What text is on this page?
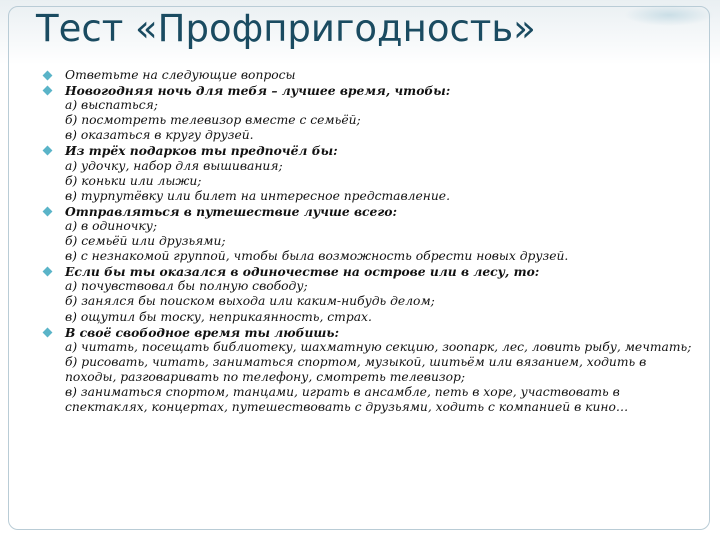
Тест «Профпригодность»
Ответьте на следующие вопросы
Новогодняя ночь для тебя – лучшее время, чтобы:
а) выспаться;
б) посмотреть телевизор вместе с семьёй;
в) оказаться в кругу друзей.
Из трёх подарков ты предпочёл бы:
а) удочку, набор для вышивания;
б) коньки или лыжи;
в) турпутёвку или билет на интересное представление.
Отправляться в путешествие лучше всего:
а) в одиночку;
б) семьёй или друзьями;
в) с незнакомой группой, чтобы была возможность обрести новых друзей.
Если бы ты оказался в одиночестве на острове или в лесу, то:
а) почувствовал бы полную свободу;
б) занялся бы поиском выхода или каким-нибудь делом;
в) ощутил бы тоску, неприкаянность, страх.
В своё свободное время ты любишь:
а) читать, посещать библиотеку, шахматную секцию, зоопарк, лес, ловить рыбу, мечтать;
б) рисовать, читать, заниматься спортом, музыкой, шитьём или вязанием, ходить в походы, разговаривать по телефону, смотреть телевизор;
в) заниматься спортом, танцами, играть в ансамбле, петь в хоре, участвовать в спектаклях, концертах, путешествовать с друзьями, ходить с компанией в кино…
